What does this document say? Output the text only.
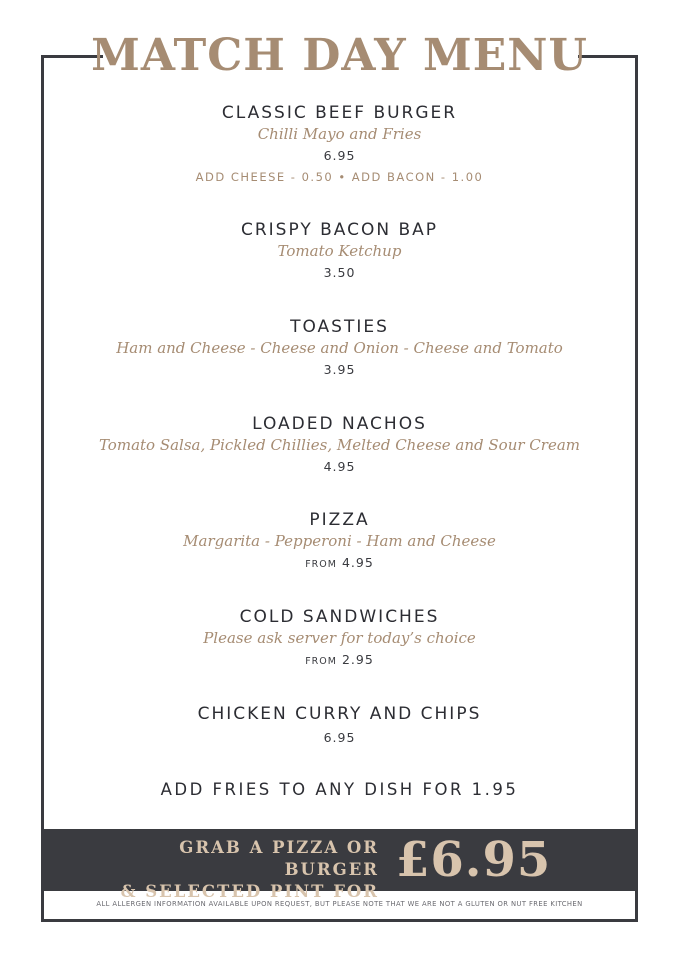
MATCH DAY MENU
CLASSIC BEEF BURGER
Chilli Mayo and Fries
6.95
ADD CHEESE - 0.50 • ADD BACON - 1.00
CRISPY BACON BAP
Tomato Ketchup
3.50
TOASTIES
Ham and Cheese - Cheese and Onion - Cheese and Tomato
3.95
LOADED NACHOS
Tomato Salsa, Pickled Chillies, Melted Cheese and Sour Cream
4.95
PIZZA
Margarita - Pepperoni - Ham and Cheese
FROM 4.95
COLD SANDWICHES
Please ask server for today’s choice
FROM 2.95
CHICKEN CURRY AND CHIPS
6.95
ADD FRIES TO ANY DISH FOR 1.95
GRAB A PIZZA OR BURGER
& SELECTED PINT FOR
£6.95
ALL ALLERGEN INFORMATION AVAILABLE UPON REQUEST, BUT PLEASE NOTE THAT WE ARE NOT A GLUTEN OR NUT FREE KITCHEN
